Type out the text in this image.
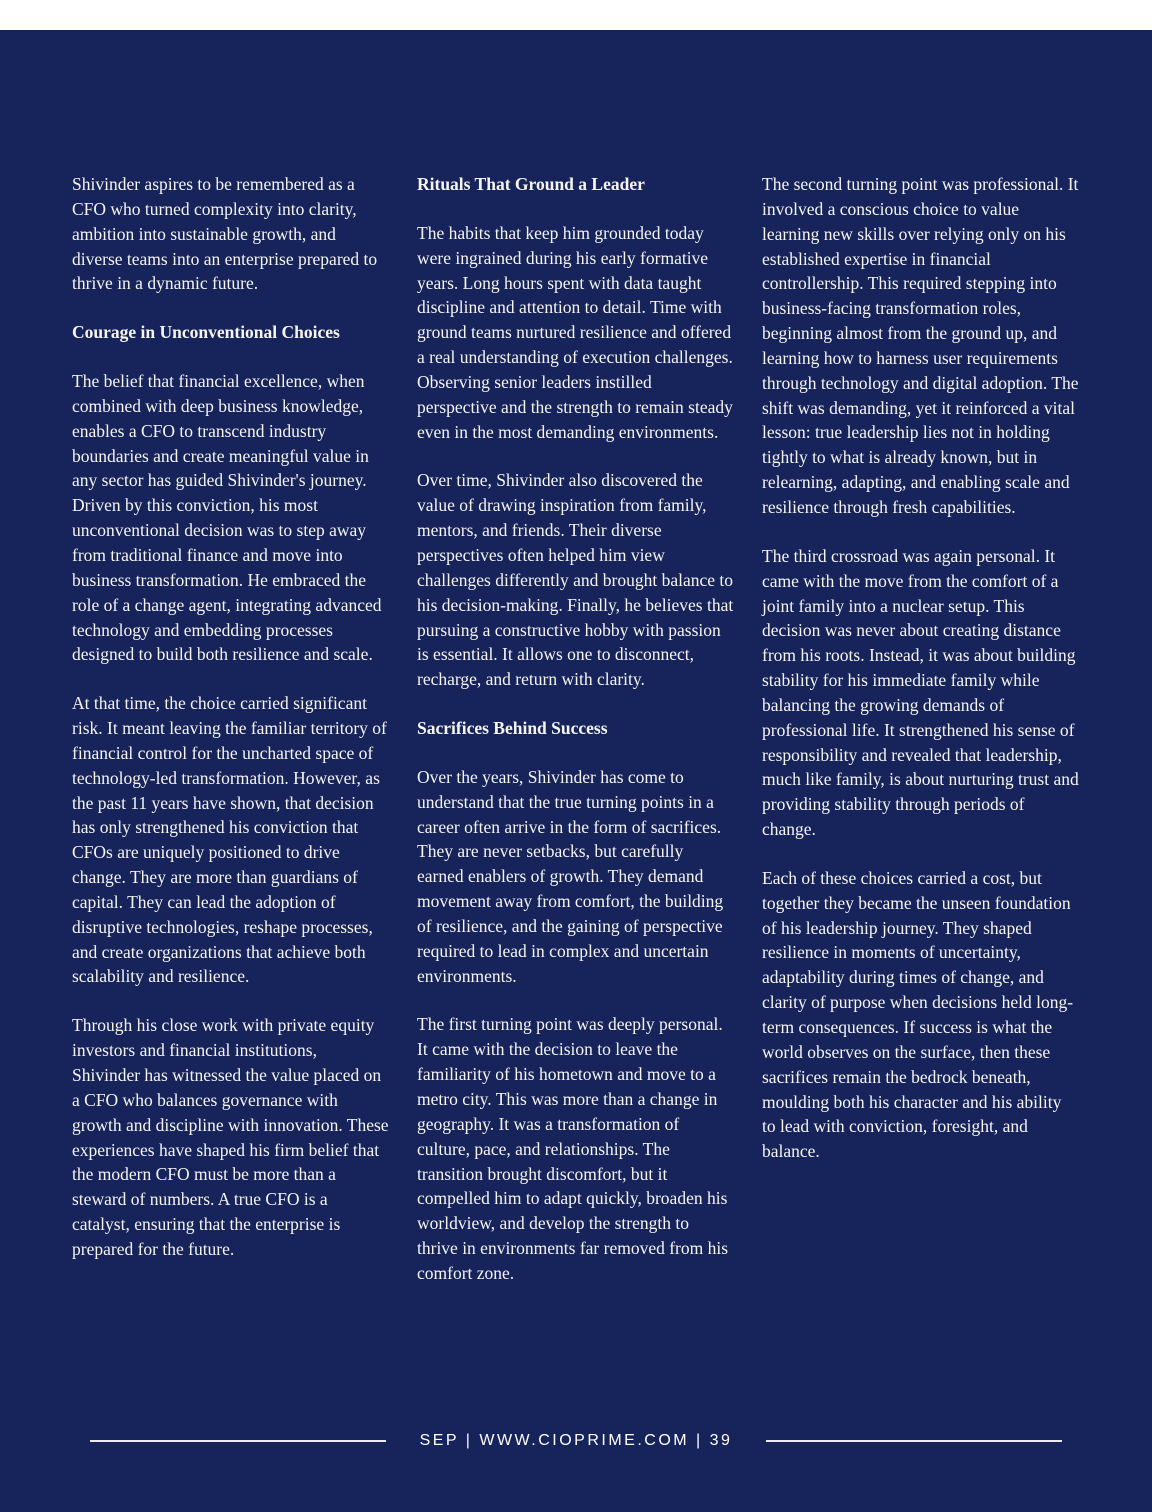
Shivinder aspires to be remembered as a CFO who turned complexity into clarity, ambition into sustainable growth, and diverse teams into an enterprise prepared to thrive in a dynamic future.

Courage in Unconventional Choices

The belief that financial excellence, when combined with deep business knowledge, enables a CFO to transcend industry boundaries and create meaningful value in any sector has guided Shivinder's journey. Driven by this conviction, his most unconventional decision was to step away from traditional finance and move into business transformation. He embraced the role of a change agent, integrating advanced technology and embedding processes designed to build both resilience and scale.

At that time, the choice carried significant risk. It meant leaving the familiar territory of financial control for the uncharted space of technology-led transformation. However, as the past 11 years have shown, that decision has only strengthened his conviction that CFOs are uniquely positioned to drive change. They are more than guardians of capital. They can lead the adoption of disruptive technologies, reshape processes, and create organizations that achieve both scalability and resilience.

Through his close work with private equity investors and financial institutions, Shivinder has witnessed the value placed on a CFO who balances governance with growth and discipline with innovation. These experiences have shaped his firm belief that the modern CFO must be more than a steward of numbers. A true CFO is a catalyst, ensuring that the enterprise is prepared for the future.

Rituals That Ground a Leader

The habits that keep him grounded today were ingrained during his early formative years. Long hours spent with data taught discipline and attention to detail. Time with ground teams nurtured resilience and offered a real understanding of execution challenges. Observing senior leaders instilled perspective and the strength to remain steady even in the most demanding environments.

Over time, Shivinder also discovered the value of drawing inspiration from family, mentors, and friends. Their diverse perspectives often helped him view challenges differently and brought balance to his decision-making. Finally, he believes that pursuing a constructive hobby with passion is essential. It allows one to disconnect, recharge, and return with clarity.

Sacrifices Behind Success

Over the years, Shivinder has come to understand that the true turning points in a career often arrive in the form of sacrifices. They are never setbacks, but carefully earned enablers of growth. They demand movement away from comfort, the building of resilience, and the gaining of perspective required to lead in complex and uncertain environments.

The first turning point was deeply personal. It came with the decision to leave the familiarity of his hometown and move to a metro city. This was more than a change in geography. It was a transformation of culture, pace, and relationships. The transition brought discomfort, but it compelled him to adapt quickly, broaden his worldview, and develop the strength to thrive in environments far removed from his comfort zone.

The second turning point was professional. It involved a conscious choice to value learning new skills over relying only on his established expertise in financial controllership. This required stepping into business-facing transformation roles, beginning almost from the ground up, and learning how to harness user requirements through technology and digital adoption. The shift was demanding, yet it reinforced a vital lesson: true leadership lies not in holding tightly to what is already known, but in relearning, adapting, and enabling scale and resilience through fresh capabilities.

The third crossroad was again personal. It came with the move from the comfort of a joint family into a nuclear setup. This decision was never about creating distance from his roots. Instead, it was about building stability for his immediate family while balancing the growing demands of professional life. It strengthened his sense of responsibility and revealed that leadership, much like family, is about nurturing trust and providing stability through periods of change.

Each of these choices carried a cost, but together they became the unseen foundation of his leadership journey. They shaped resilience in moments of uncertainty, adaptability during times of change, and clarity of purpose when decisions held long-term consequences. If success is what the world observes on the surface, then these sacrifices remain the bedrock beneath, moulding both his character and his ability to lead with conviction, foresight, and balance.

SEP | WWW.CIOPRIME.COM | 39
